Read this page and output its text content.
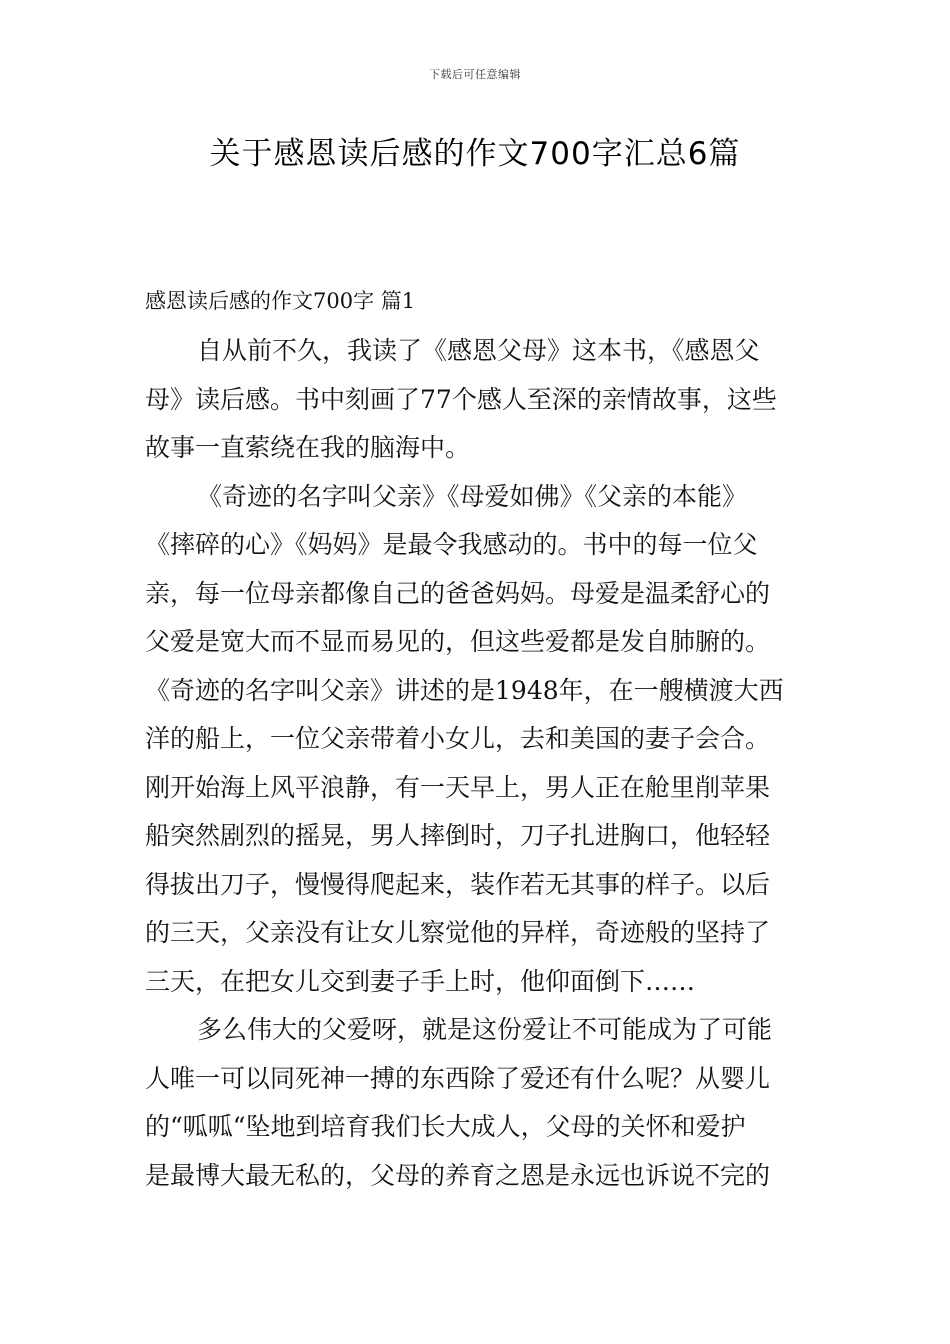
下载后可任意编辑
关于感恩读后感的作文700字汇总6篇
感恩读后感的作文700字 篇1
自从前不久，我读了《感恩父母》这本书，《感恩父
母》读后感。书中刻画了77个感人至深的亲情故事，这些
故事一直萦绕在我的脑海中。
《奇迹的名字叫父亲》《母爱如佛》《父亲的本能》
《摔碎的心》《妈妈》是最令我感动的。书中的每一位父
亲，每一位母亲都像自己的爸爸妈妈。母爱是温柔舒心的
父爱是宽大而不显而易见的，但这些爱都是发自肺腑的。
《奇迹的名字叫父亲》讲述的是1948年，在一艘横渡大西
洋的船上，一位父亲带着小女儿，去和美国的妻子会合。
刚开始海上风平浪静，有一天早上，男人正在舱里削苹果
船突然剧烈的摇晃，男人摔倒时，刀子扎进胸口，他轻轻
得拔出刀子，慢慢得爬起来，装作若无其事的样子。以后
的三天，父亲没有让女儿察觉他的异样，奇迹般的坚持了
三天，在把女儿交到妻子手上时，他仰面倒下……
多么伟大的父爱呀，就是这份爱让不可能成为了可能
人唯一可以同死神一搏的东西除了爱还有什么呢？从婴儿
的“呱呱“坠地到培育我们长大成人，父母的关怀和爱护
是最博大最无私的，父母的养育之恩是永远也诉说不完的
